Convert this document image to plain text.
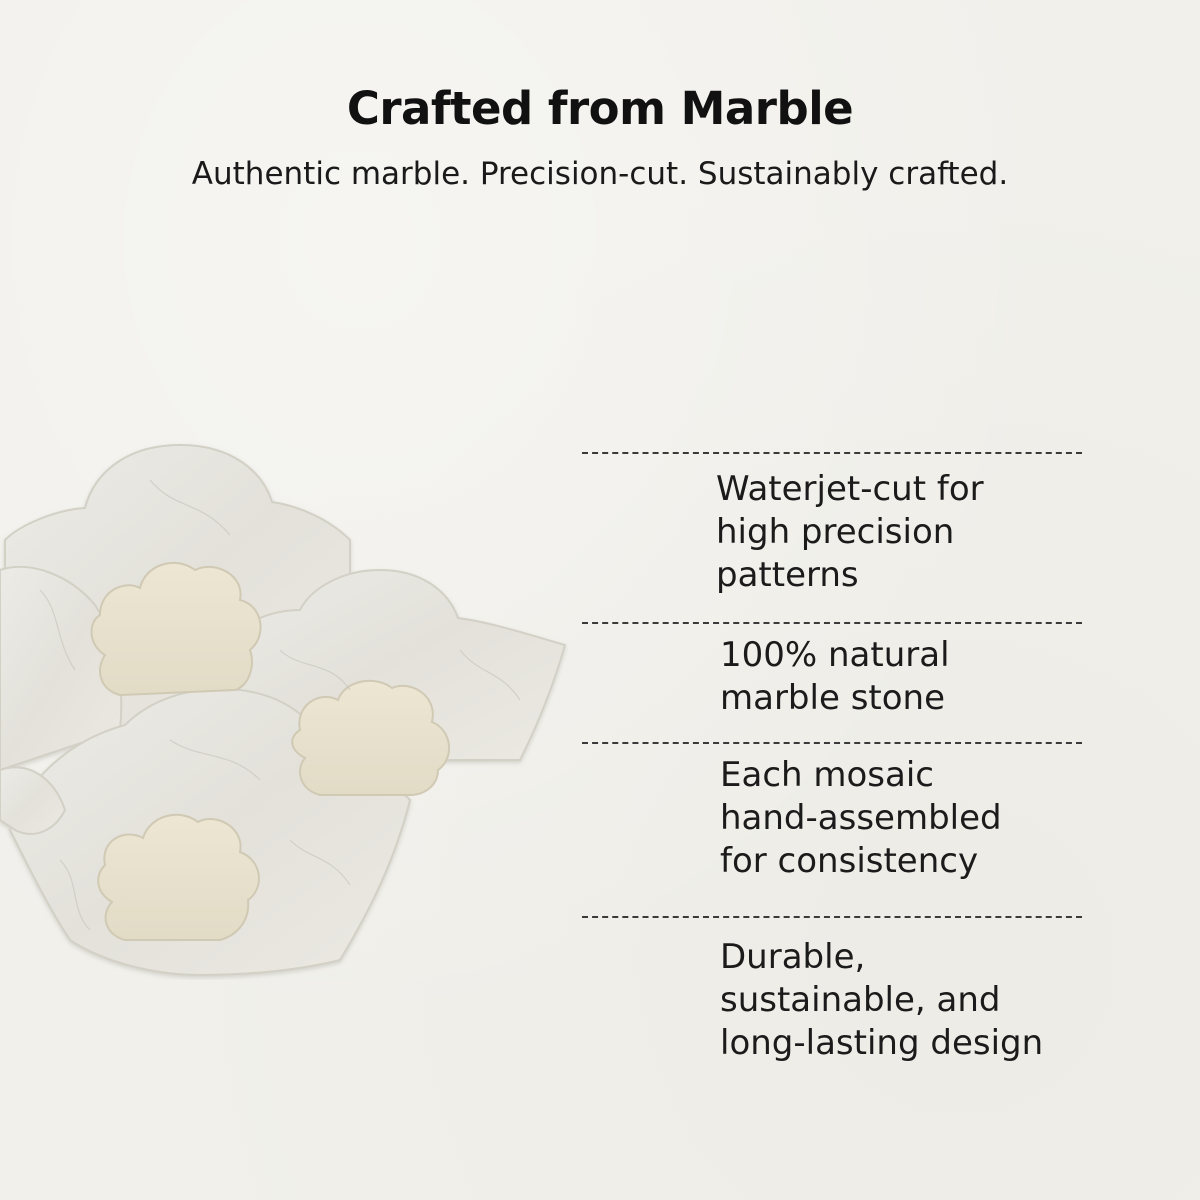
Crafted from Marble

Authentic marble. Precision-cut. Sustainably crafted.

Waterjet-cut for
high precision
patterns
100% natural
marble stone
Each mosaic
hand-assembled
for consistency
Durable,
sustainable, and
long-lasting design
